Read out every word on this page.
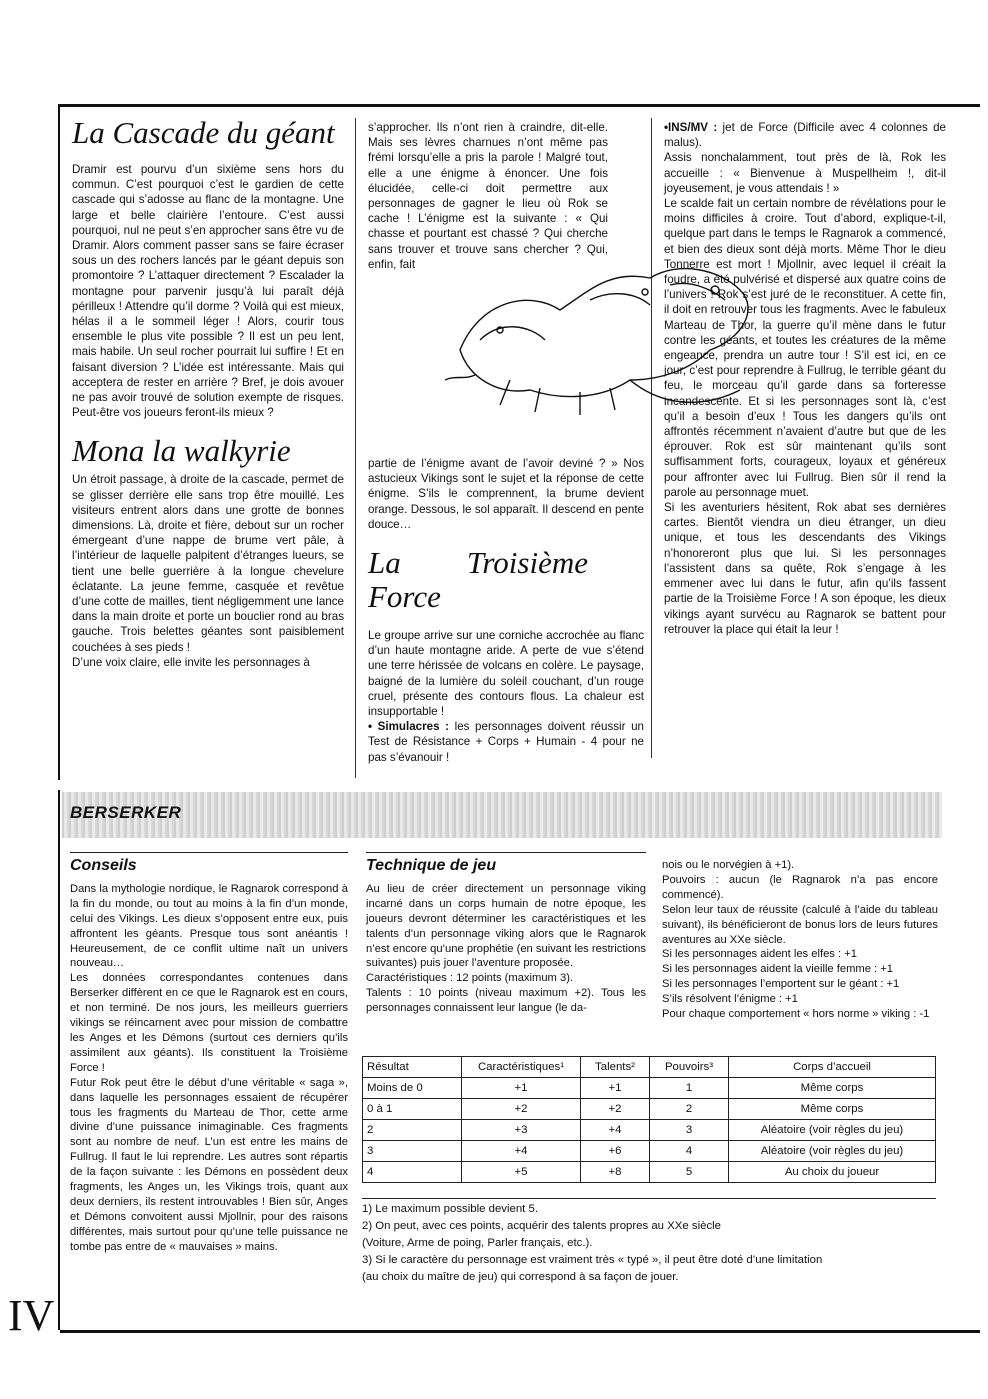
IV
La Cascade du géant

Dramir est pourvu d’un sixième sens hors du commun. C’est pourquoi c’est le gardien de cette cascade qui s’adosse au flanc de la montagne. Une large et belle clairière l’entoure. C’est aussi pourquoi, nul ne peut s’en approcher sans être vu de Dramir. Alors comment passer sans se faire écraser sous un des rochers lancés par le géant depuis son promontoire ? L’attaquer directement ? Escalader la montagne pour parvenir jusqu’à lui paraît déjà périlleux ! Attendre qu’il dorme ? Voilà qui est mieux, hélas il a le sommeil léger ! Alors, courir tous ensemble le plus vite possible ? Il est un peu lent, mais habile. Un seul rocher pourrait lui suffire ! Et en faisant diversion ? L’idée est intéressante. Mais qui acceptera de rester en arrière ? Bref, je dois avouer ne pas avoir trouvé de solution exempte de risques. Peut-être vos joueurs feront-ils mieux ?

Mona la walkyrie

Un étroit passage, à droite de la cascade, permet de se glisser derrière elle sans trop être mouillé. Les visiteurs entrent alors dans une grotte de bonnes dimensions. Là, droite et fière, debout sur un rocher émergeant d’une nappe de brume vert pâle, à l’intérieur de laquelle palpitent d’étranges lueurs, se tient une belle guerrière à la longue chevelure éclatante. La jeune femme, casquée et revêtue d’une cotte de mailles, tient négligemment une lance dans la main droite et porte un bouclier rond au bras gauche. Trois belettes géantes sont paisiblement couchées à ses pieds !

D’une voix claire, elle invite les personnages à

s’approcher. Ils n’ont rien à craindre, dit-elle. Mais ses lèvres charnues n’ont même pas frémi lorsqu’elle a pris la parole ! Malgré tout, elle a une énigme à énoncer. Une fois élucidée, celle-ci doit permettre aux personnages de gagner le lieu où Rok se cache ! L’énigme est la suivante : « Qui chasse et pourtant est chassé ? Qui cherche sans trouver et trouve sans chercher ? Qui, enfin, fait

partie de l’énigme avant de l’avoir deviné ? » Nos astucieux Vikings sont le sujet et la réponse de cette énigme. S’ils le comprennent, la brume devient orange. Dessous, le sol apparaît. Il descend en pente douce…

La Troisième Force

Le groupe arrive sur une corniche accrochée au flanc d’un haute montagne aride. A perte de vue s’étend une terre hérissée de volcans en colère. Le paysage, baigné de la lumière du soleil couchant, d’un rouge cruel, présente des contours flous. La chaleur est insupportable !

• Simulacres : les personnages doivent réussir un Test de Résistance + Corps + Humain - 4 pour ne pas s’évanouir !

•INS/MV : jet de Force (Difficile avec 4 colonnes de malus).

Assis nonchalamment, tout près de là, Rok les accueille : « Bienvenue à Muspellheim !, dit-il joyeusement, je vous attendais ! »

Le scalde fait un certain nombre de révélations pour le moins difficiles à croire. Tout d’abord, explique-t-il, quelque part dans le temps le Ragnarok a commencé, et bien des dieux sont déjà morts. Même Thor le dieu Tonnerre est mort ! Mjollnir, avec lequel il créait la foudre, a été pulvérisé et dispersé aux quatre coins de l’univers ! Rok s’est juré de le reconstituer. A cette fin, il doit en retrouver tous les fragments. Avec le fabuleux Marteau de Thor, la guerre qu’il mène dans le futur contre les géants, et toutes les créatures de la même engeance, prendra un autre tour ! S’il est ici, en ce jour, c’est pour reprendre à Fullrug, le terrible géant du feu, le morceau qu’il garde dans sa forteresse incandescente. Et si les personnages sont là, c’est qu’il a besoin d’eux ! Tous les dangers qu’ils ont affrontés récemment n’avaient d’autre but que de les éprouver. Rok est sûr maintenant qu’ils sont suffisamment forts, courageux, loyaux et généreux pour affronter avec lui Fullrug. Bien sûr il rend la parole au personnage muet.

Si les aventuriers hésitent, Rok abat ses dernières cartes. Bientôt viendra un dieu étranger, un dieu unique, et tous les descendants des Vikings n’honoreront plus que lui. Si les personnages l’assistent dans sa quête, Rok s’engage à les emmener avec lui dans le futur, afin qu’ils fassent partie de la Troisième Force ! A son époque, les dieux vikings ayant survécu au Ragnarok se battent pour retrouver la place qui était la leur !

BERSERKER
Conseils

Dans la mythologie nordique, le Ragnarok correspond à la fin du monde, ou tout au moins à la fin d’un monde, celui des Vikings. Les dieux s’opposent entre eux, puis affrontent les géants. Presque tous sont anéantis ! Heureusement, de ce conflit ultime naît un univers nouveau…

Les données correspondantes contenues dans Berserker diffèrent en ce que le Ragnarok est en cours, et non terminé. De nos jours, les meilleurs guerriers vikings se réincarnent avec pour mission de combattre les Anges et les Démons (surtout ces derniers qu’ils assimilent aux géants). Ils constituent la Troisième Force !

Futur Rok peut être le début d’une véritable « saga », dans laquelle les personnages essaient de récupérer tous les fragments du Marteau de Thor, cette arme divine d’une puissance inimaginable. Ces fragments sont au nombre de neuf. L’un est entre les mains de Fullrug. Il faut le lui reprendre. Les autres sont répartis de la façon suivante : les Démons en possèdent deux fragments, les Anges un, les Vikings trois, quant aux deux derniers, ils restent introuvables ! Bien sûr, Anges et Démons convoitent aussi Mjollnir, pour des raisons différentes, mais surtout pour qu’une telle puissance ne tombe pas entre de « mauvaises » mains.

Technique de jeu

Au lieu de créer directement un personnage viking incarné dans un corps humain de notre époque, les joueurs devront déterminer les caractéristiques et les talents d’un personnage viking alors que le Ragnarok n’est encore qu’une prophétie (en suivant les restrictions suivantes) puis jouer l’aventure proposée.

Caractéristiques : 12 points (maximum 3).

Talents : 10 points (niveau maximum +2). Tous les personnages connaissent leur langue (le da-

nois ou le norvégien à +1).

Pouvoirs : aucun (le Ragnarok n’a pas encore commencé).

Selon leur taux de réussite (calculé à l’aide du tableau suivant), ils bénéficieront de bonus lors de leurs futures aventures au XXe siècle.

Si les personnages aident les elfes : +1

Si les personnages aident la vieille femme : +1

Si les personnages l’emportent sur le géant : +1

S’ils résolvent l’énigme : +1

Pour chaque comportement « hors norme » viking : -1

Résultat	Caractéristiques¹	Talents²	Pouvoirs³	Corps d’accueil
Moins de 0	+1	+1	1	Même corps
0 à 1	+2	+2	2	Même corps
2	+3	+4	3	Aléatoire (voir règles du jeu)
3	+4	+6	4	Aléatoire (voir règles du jeu)
4	+5	+8	5	Au choix du joueur

1) Le maximum possible devient 5.

2) On peut, avec ces points, acquérir des talents propres au XXe siècle

(Voiture, Arme de poing, Parler français, etc.).

3) Si le caractère du personnage est vraiment très « typé », il peut être doté d’une limitation

(au choix du maître de jeu) qui correspond à sa façon de jouer.
